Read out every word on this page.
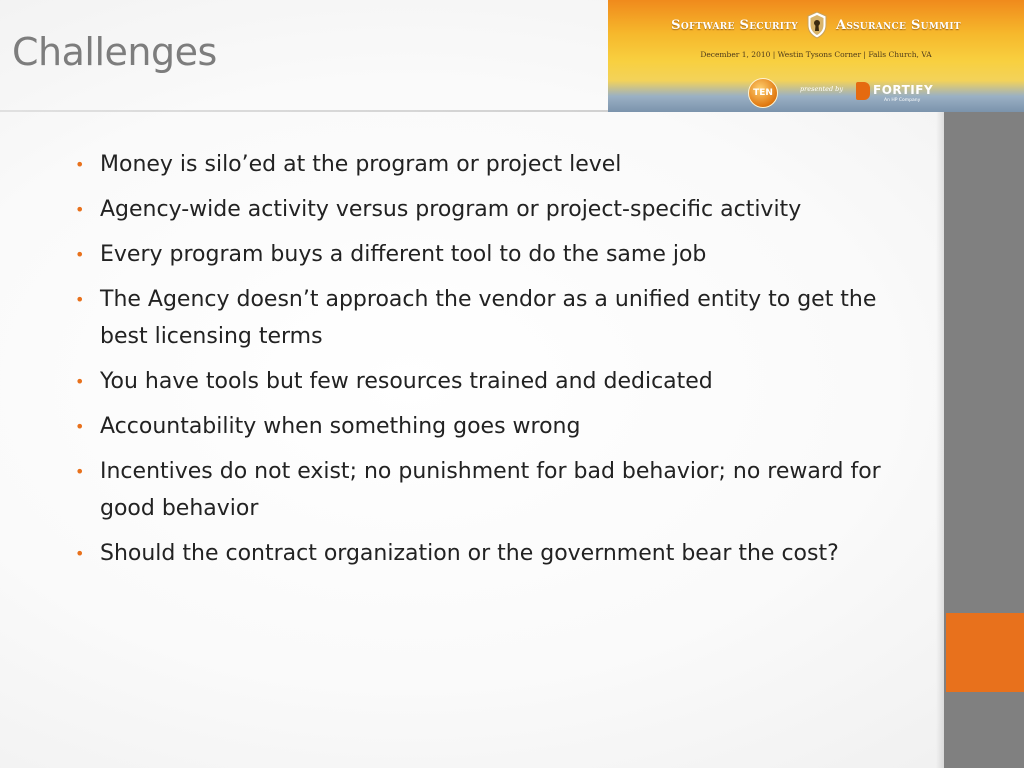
Challenges
Software Security	Assurance Summit
December 1, 2010 | Westin Tysons Corner | Falls Church, VA
TEN	presented by FORTIFY
An HP Company
• Money is silo’ed at the program or project level
• Agency-wide activity versus program or project-specific activity
• Every program buys a different tool to do the same job
• The Agency doesn’t approach the vendor as a unified entity to get the best licensing terms
• You have tools but few resources trained and dedicated
• Accountability when something goes wrong
• Incentives do not exist; no punishment for bad behavior; no reward for good behavior
• Should the contract organization or the government bear the cost?
